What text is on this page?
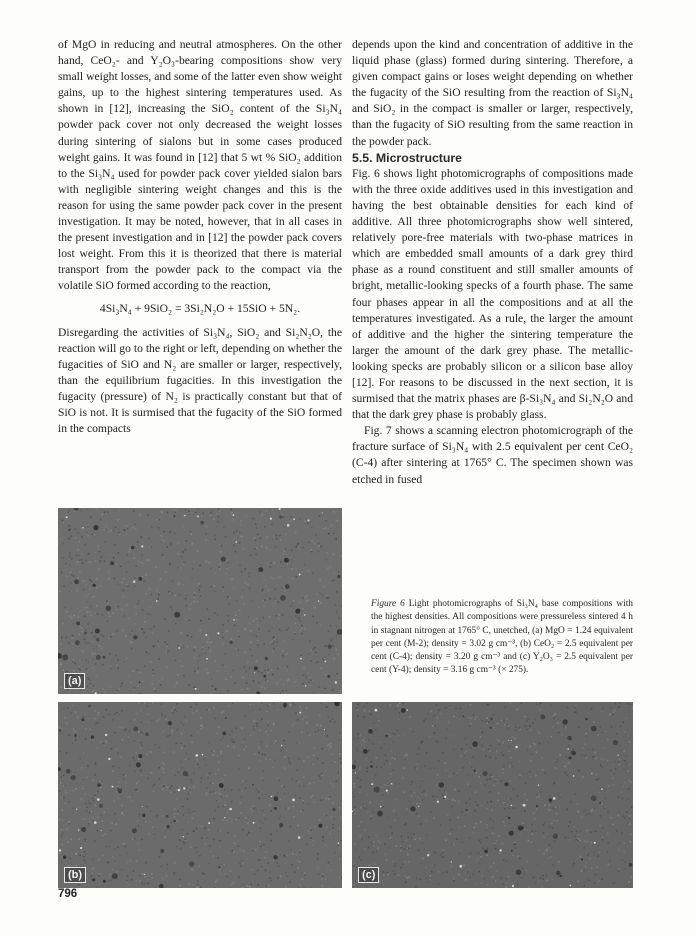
of MgO in reducing and neutral atmospheres. On the other hand, CeO₂- and Y₂O₃-bearing compositions show very small weight losses, and some of the latter even show weight gains, up to the highest sintering temperatures used. As shown in [12], increasing the SiO₂ content of the Si₃N₄ powder pack cover not only decreased the weight losses during sintering of sialons but in some cases produced weight gains. It was found in [12] that 5 wt % SiO₂ addition to the Si₃N₄ used for powder pack cover yielded sialon bars with negligible sintering weight changes and this is the reason for using the same powder pack cover in the present investigation. It may be noted, however, that in all cases in the present investigation and in [12] the powder pack covers lost weight. From this it is theorized that there is material transport from the powder pack to the compact via the volatile SiO formed according to the reaction,

4Si₃N₄ + 9SiO₂ = 3Si₂N₂O + 15SiO + 5N₂.

Disregarding the activities of Si₃N₄, SiO₂ and Si₂N₂O, the reaction will go to the right or left, depending on whether the fugacities of SiO and N₂ are smaller or larger, respectively, than the equilibrium fugacities. In this investigation the fugacity (pressure) of N₂ is practically constant but that of SiO is not. It is surmised that the fugacity of the SiO formed in the compacts

depends upon the kind and concentration of additive in the liquid phase (glass) formed during sintering. Therefore, a given compact gains or loses weight depending on whether the fugacity of the SiO resulting from the reaction of Si₃N₄ and SiO₂ in the compact is smaller or larger, respectively, than the fugacity of SiO resulting from the same reaction in the powder pack.

5.5. Microstructure

Fig. 6 shows light photomicrographs of compositions made with the three oxide additives used in this investigation and having the best obtainable densities for each kind of additive. All three photomicrographs show well sintered, relatively pore-free materials with two-phase matrices in which are embedded small amounts of a dark grey third phase as a round constituent and still smaller amounts of bright, metallic-looking specks of a fourth phase. The same four phases appear in all the compositions and at all the temperatures investigated. As a rule, the larger the amount of additive and the higher the sintering temperature the larger the amount of the dark grey phase. The metallic-looking specks are probably silicon or a silicon base alloy [12]. For reasons to be discussed in the next section, it is surmised that the matrix phases are β-Si₃N₄ and Si₂N₂O and that the dark grey phase is probably glass.

Fig. 7 shows a scanning electron photomicrograph of the fracture surface of Si₃N₄ with 2.5 equivalent per cent CeO₂ (C-4) after sintering at 1765° C. The specimen shown was etched in fused

Figure 6 Light photomicrographs of Si₃N₄ base compositions with the highest densities. All compositions were pressureless sintered 4 h in stagnant nitrogen at 1765° C, unetched, (a) MgO = 1.24 equivalent per cent (M-2); density = 3.02 g cm⁻³, (b) CeO₂ = 2.5 equivalent per cent (C-4); density = 3.20 g cm⁻³ and (c) Y₂O₃ = 2.5 equivalent per cent (Y-4); density = 3.16 g cm⁻³ (× 275).
(a)
(b)	(c)
796
